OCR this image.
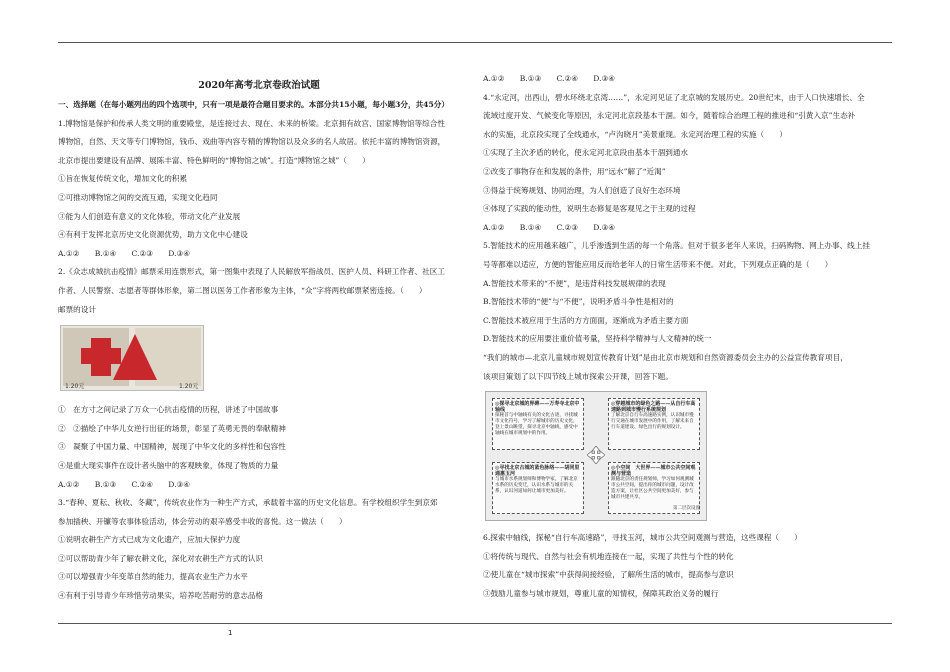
2020年高考北京卷政治试题

一、选择题（在每小题列出的四个选项中，只有一项是最符合题目要求的。本部分共15小题，每小题3分，共45分）

1.博物馆是保护和传承人类文明的重要殿堂，是连接过去、现在、未来的桥梁。北京拥有故宫、国家博物馆等综合性

博物馆，自然、天文等专门博物馆，钱币、戏曲等内容专精的博物馆以及众多的名人故居。依托丰富的博物馆资源，

北京市提出要建设有品牌、展陈丰富、特色鲜明的“博物馆之城”。打造“博物馆之城”（　　）

①旨在恢复传统文化，增加文化的积累

②可推动博物馆之间的交流互通，实现文化趋同

③能为人们创造有意义的文化体验，带动文化产业发展

④有利于发挥北京历史文化资源优势，助力文化中心建设

A.①②　　B.①④　　C.②③　　D.③④

2.《众志成城抗击疫情》邮票采用连票形式，第一图集中表现了人民解放军指战员、医护人员、科研工作者、社区工

作者、人民警察、志愿者等群体形象，第二图以医务工作者形象为主体，“众”字将两枚邮票紧密连接。（　　）

邮票的设计

1.20元	1.20元

①　在方寸之间记录了万众一心抗击疫情的历程，讲述了中国故事

②　②描绘了中华儿女逆行出征的场景，彰显了英勇无畏的奉献精神

③　凝聚了中国力量、中国精神，展现了中华文化的多样性和包容性

④是重大现实事件在设计者头脑中的客观映象，体现了物质的力量

A.①②　　B.①③　　C.②④　　D.③④

3.“春种、夏耘、秋收、冬藏”，传统农业作为一种生产方式，承载着丰富的历史文化信息。有学校组织学生到京郊

参加插秧、开镰等农事体验活动，体会劳动的艰辛感受丰收的喜悦。这一做法（　　）

①说明农耕生产方式已成为文化遗产，应加大保护力度

②可以帮助青少年了解农耕文化，深化对农耕生产方式的认识

③可以增强青少年变革自然的能力，提高农业生产力水平

④有利于引导青少年珍惜劳动果实，培养吃苦耐劳的意志品格

A.①②　　B.①③　　C.②④　　D.③④

4.“永定河，出西山，碧水环绕北京湾……”，永定河见证了北京城的发展历史。20世纪末，由于人口快速增长、全

流域过度开发、气候变化等原因，永定河北京段基本干涸。如今，随着综合治理工程的推进和“引黄入京”生态补

水的实施，北京段实现了全线通水，“卢沟晓月”美景重现。永定河治理工程的实施（　　）

①实现了主次矛盾的转化，使永定河北京段由基本干涸到通水

②改变了事物存在和发展的条件，用“远水”解了“近渴”

③得益于统筹规划、协同治理，为人们创造了良好生态环境

④体现了实践的能动性，说明生态修复是客观见之于主观的过程

A.①②　　B.①④　　C.②③　　D.③④

5.智能技术的应用越来越广，儿乎渗透到生活的每一个角落。但对于很多老年人来说，扫码购物、网上办事、线上挂

号等都难以适应，方便的智能应用反而给老年人的日常生活带来不便。对此，下列观点正确的是（　　）

A.智能技术带来的“不便”，是违背科技发展规律的表现

B.智能技术带的“便”与“不便”，说明矛盾斗争性是相对的

C.智能技术被应用于生活的方方面面，逐渐成为矛盾主要方面

D.智能技术的应用要注重价值考量，坚持科学精神与人文精神的统一

“我们的城市—北京儿童城市规划宣传教育计划”是由北京市规划和自然资源委员会主办的公益宣传教育项目，

该项目策划了以下四节线上城市探索公开课，回答下题。

◎探寻北京城的界碑——万寿寺北京中轴线
探秘首与中轴线有关的文化古迹，寻找城市文化符号，学习了解城市的历史文化，登上景山眺望，探寻北京中轴线，感受中轴线在城市规划中的作用。
◎穿越城市的绿色之路——从自行车高速路到城市慢行系统规划
了解北京自行车高速路实例，认识城市慢行交通在城市发展中的作用，了解未来自行车道建设、绿色出行的规划设计。
◎寻找北京古城的蓝色脉络——胡同里通惠玉河
与城市水系规划师和博物学家，了解北京水系的历史变迁，认识水系与城市的关系，认识河道如何让城市更加美好。
◎小空间　大世界——城市公共空间观测与营造
跟随北京的责任规划师，学习如何观测城市公共空间，提出你的城市问题，设计改造方案，让社区公共空间更加美好，参与城市共建共享。
第二层次设置

6.探索中轴线，探秘“自行车高速路”，寻找玉河，城市公共空间观测与营造，这些课程（　　）

①将传统与现代、自然与社会有机地连接在一起，实现了共性与个性的转化

②使儿童在“城市探索”中获得间接经验，了解所生活的城市，提高参与意识

③鼓励儿童参与城市规划，尊重儿童的知情权，保障其政治义务的履行

1
